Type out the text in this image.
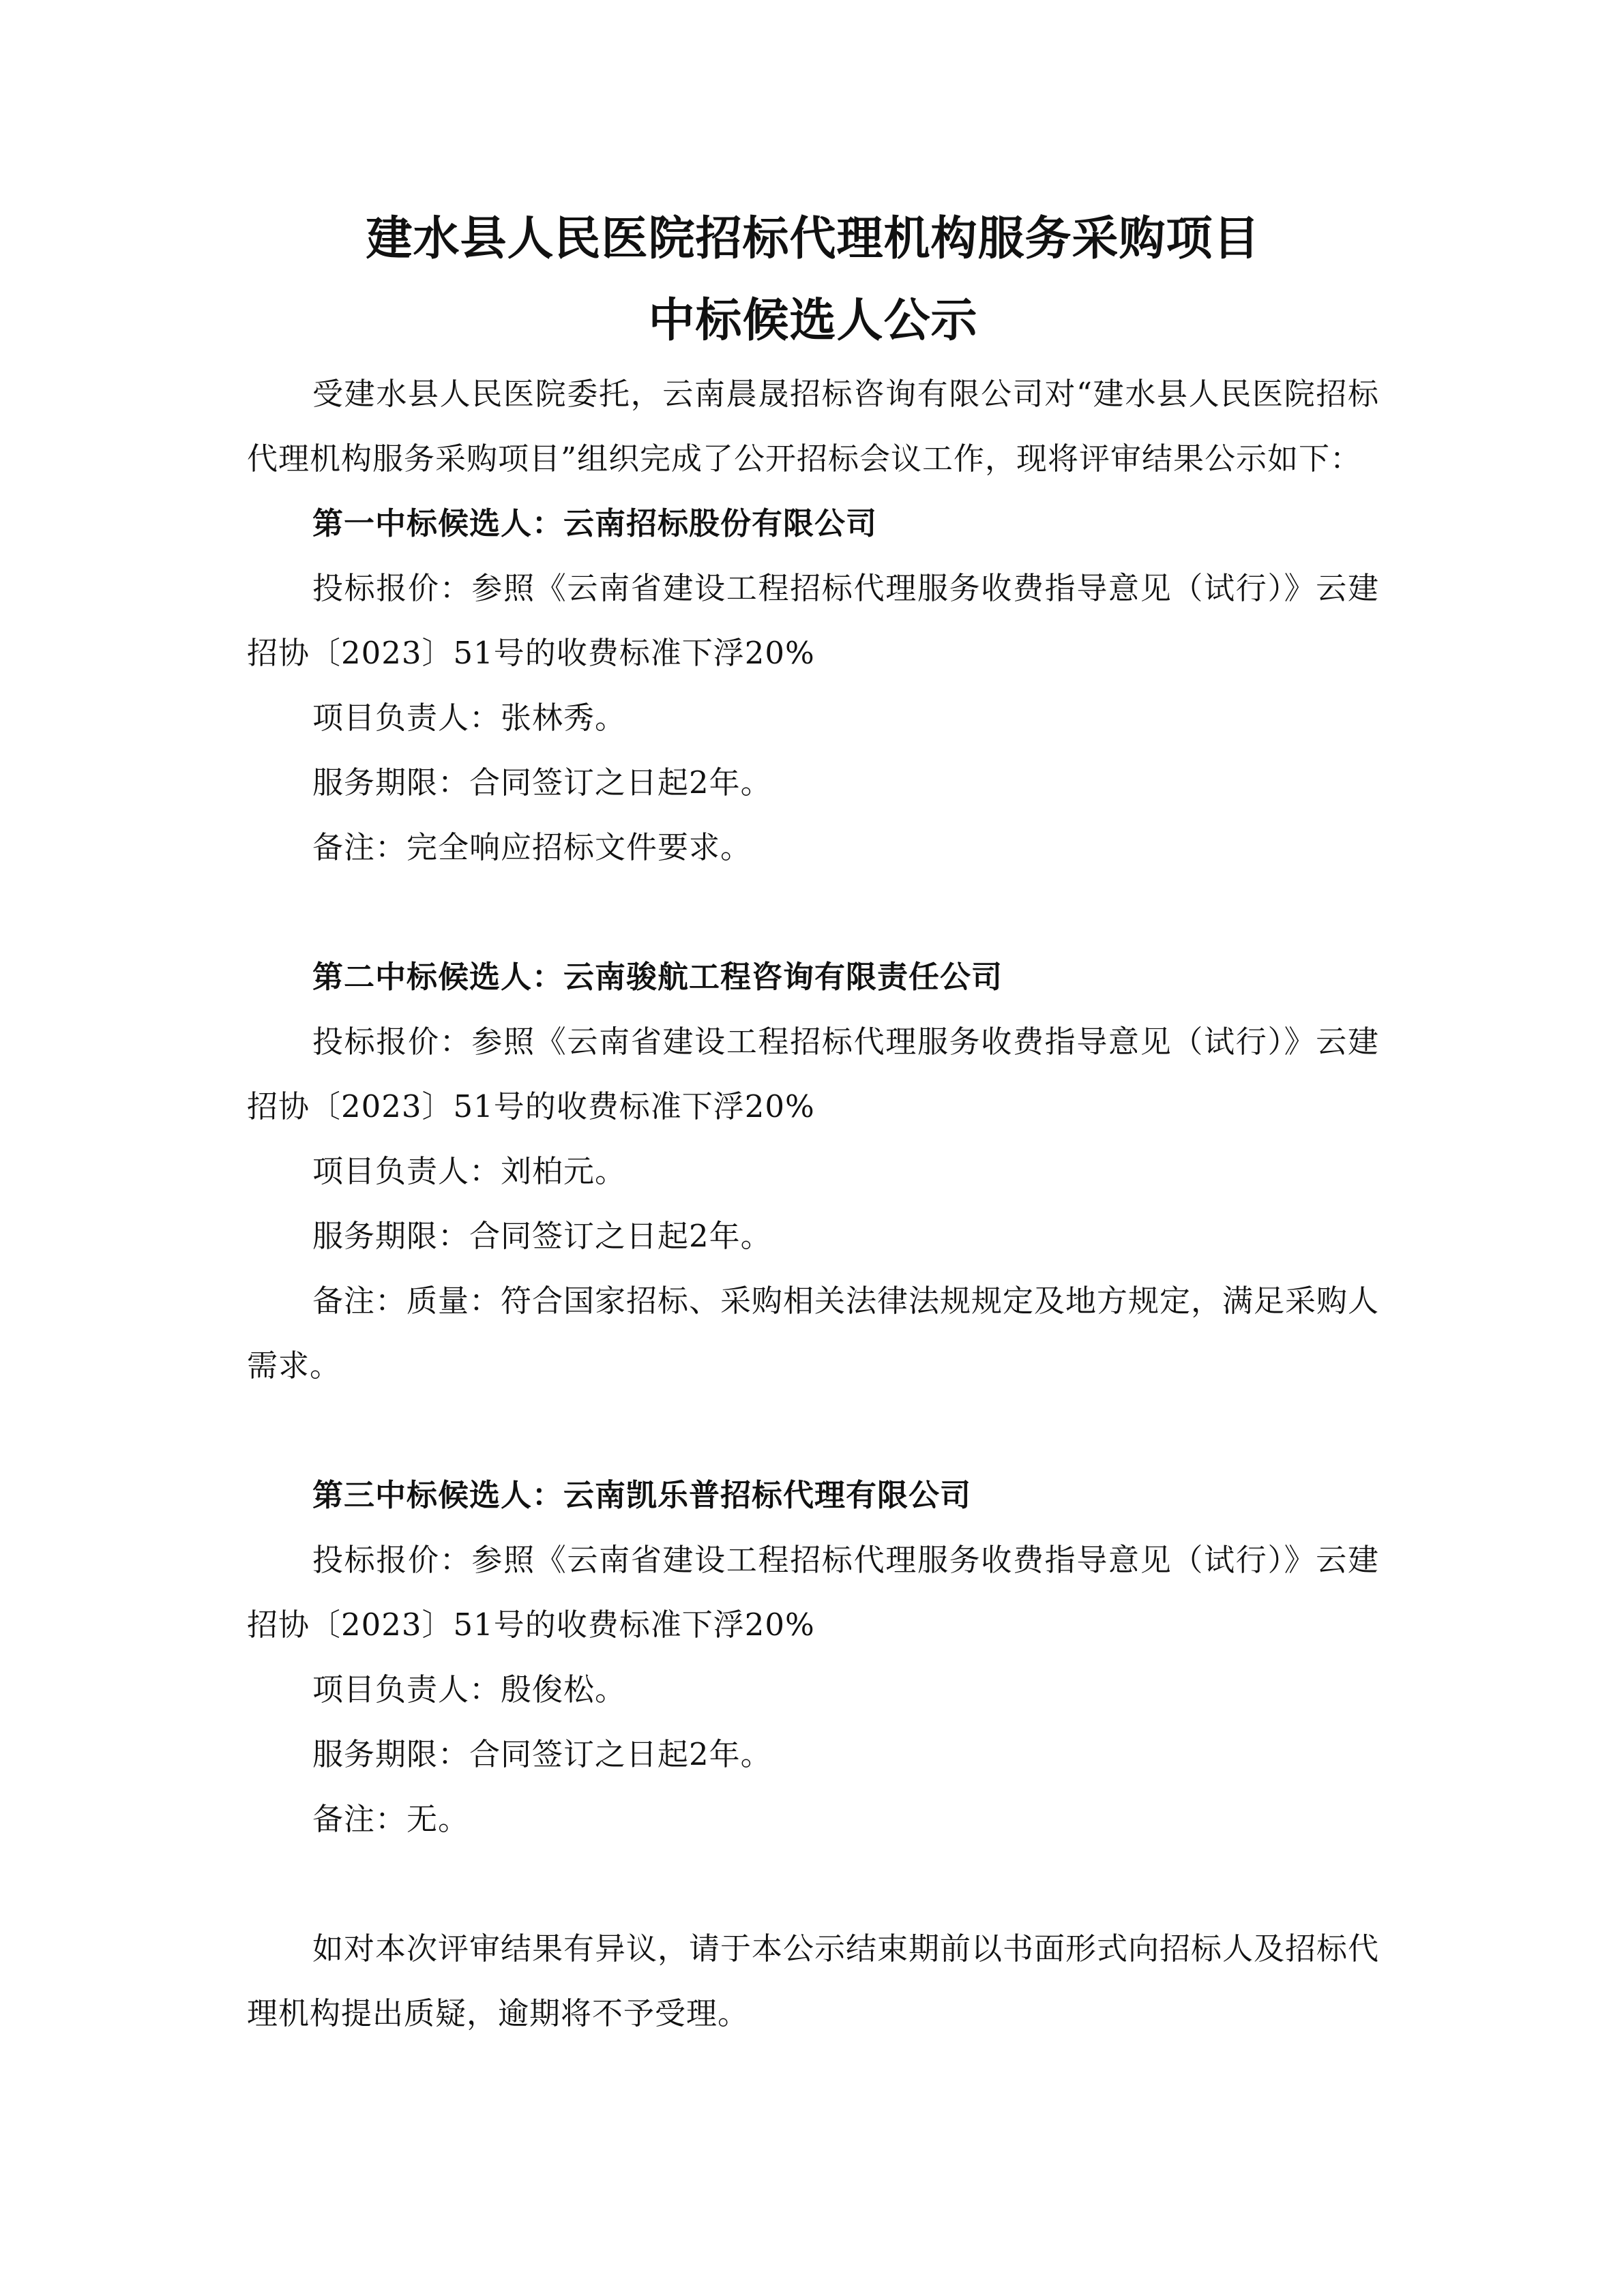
建水县人民医院招标代理机构服务采购项目
中标候选人公示

受建水县人民医院委托，云南晨晟招标咨询有限公司对“建水县人民医院招标代理机构服务采购项目”组织完成了公开招标会议工作，现将评审结果公示如下：

第一中标候选人：云南招标股份有限公司

投标报价：参照《云南省建设工程招标代理服务收费指导意见（试行）》云建招协〔2023〕51号的收费标准下浮20%

项目负责人：张林秀。

服务期限：合同签订之日起2年。

备注：完全响应招标文件要求。

第二中标候选人：云南骏航工程咨询有限责任公司

投标报价：参照《云南省建设工程招标代理服务收费指导意见（试行）》云建招协〔2023〕51号的收费标准下浮20%

项目负责人：刘柏元。

服务期限：合同签订之日起2年。

备注：质量：符合国家招标、采购相关法律法规规定及地方规定，满足采购人需求。

第三中标候选人：云南凯乐普招标代理有限公司

投标报价：参照《云南省建设工程招标代理服务收费指导意见（试行）》云建招协〔2023〕51号的收费标准下浮20%

项目负责人：殷俊松。

服务期限：合同签订之日起2年。

备注：无。

如对本次评审结果有异议，请于本公示结束期前以书面形式向招标人及招标代理机构提出质疑，逾期将不予受理。
